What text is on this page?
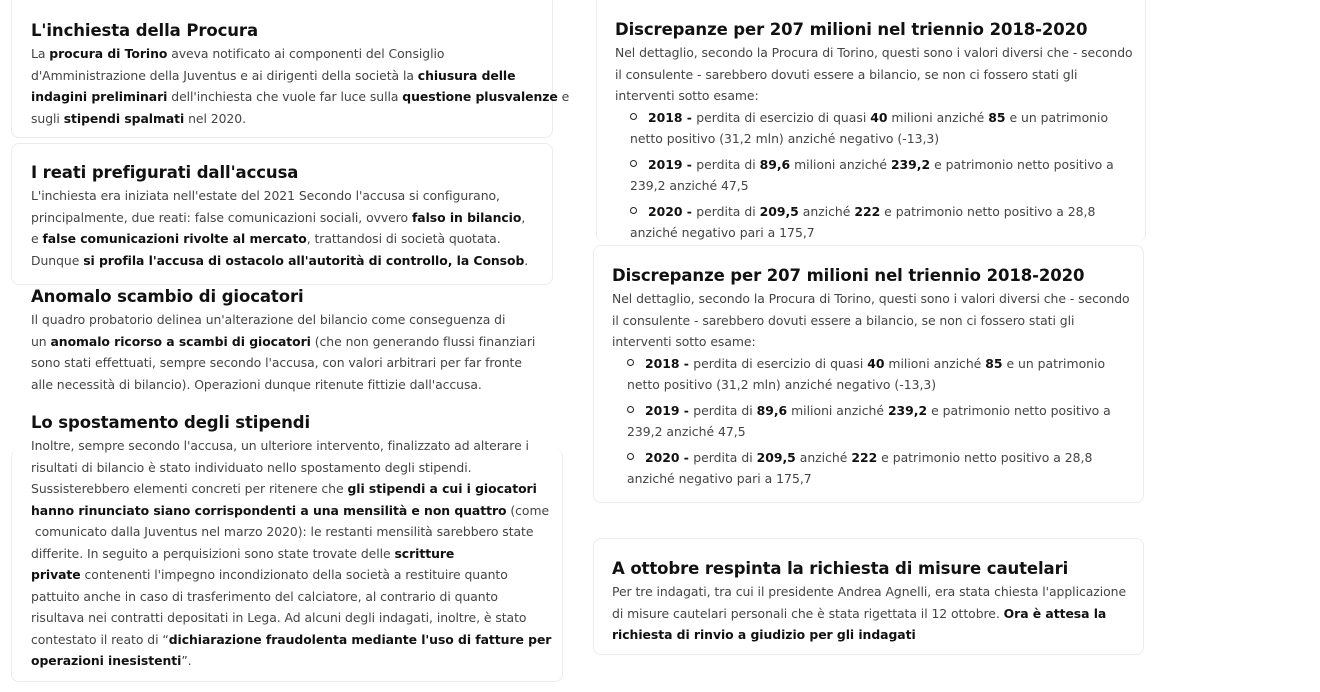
L'inchiesta della Procura
La procura di Torino aveva notificato ai componenti del Consiglio
d'Amministrazione della Juventus e ai dirigenti della società la chiusura delle
indagini preliminari dell'inchiesta che vuole far luce sulla questione plusvalenze e
sugli stipendi spalmati nel 2020.
I reati prefigurati dall'accusa
L'inchiesta era iniziata nell'estate del 2021 Secondo l'accusa si configurano,
principalmente, due reati: false comunicazioni sociali, ovvero falso in bilancio,
e false comunicazioni rivolte al mercato, trattandosi di società quotata.
Dunque si profila l'accusa di ostacolo all'autorità di controllo, la Consob.
Anomalo scambio di giocatori
Il quadro probatorio delinea un'alterazione del bilancio come conseguenza di
un anomalo ricorso a scambi di giocatori (che non generando flussi finanziari
sono stati effettuati, sempre secondo l'accusa, con valori arbitrari per far fronte
alle necessità di bilancio). Operazioni dunque ritenute fittizie dall'accusa.
Lo spostamento degli stipendi
Inoltre, sempre secondo l'accusa, un ulteriore intervento, finalizzato ad alterare i
risultati di bilancio è stato individuato nello spostamento degli stipendi.
Sussisterebbero elementi concreti per ritenere che gli stipendi a cui i giocatori
hanno rinunciato siano corrispondenti a una mensilità e non quattro (come
comunicato dalla Juventus nel marzo 2020): le restanti mensilità sarebbero state
differite. In seguito a perquisizioni sono state trovate delle scritture
private contenenti l'impegno incondizionato della società a restituire quanto
pattuito anche in caso di trasferimento del calciatore, al contrario di quanto
risultava nei contratti depositati in Lega. Ad alcuni degli indagati, inoltre, è stato
contestato il reato di “dichiarazione fraudolenta mediante l'uso di fatture per
operazioni inesistenti”.
Discrepanze per 207 milioni nel triennio 2018-2020
Nel dettaglio, secondo la Procura di Torino, questi sono i valori diversi che - secondo
il consulente - sarebbero dovuti essere a bilancio, se non ci fossero stati gli
interventi sotto esame:
2018 - perdita di esercizio di quasi 40 milioni anziché 85 e un patrimonio
netto positivo (31,2 mln) anziché negativo (-13,3)
2019 - perdita di 89,6 milioni anziché 239,2 e patrimonio netto positivo a
239,2 anziché 47,5
2020 - perdita di 209,5 anziché 222 e patrimonio netto positivo a 28,8
anziché negativo pari a 175,7
Discrepanze per 207 milioni nel triennio 2018-2020
Nel dettaglio, secondo la Procura di Torino, questi sono i valori diversi che - secondo
il consulente - sarebbero dovuti essere a bilancio, se non ci fossero stati gli
interventi sotto esame:
2018 - perdita di esercizio di quasi 40 milioni anziché 85 e un patrimonio
netto positivo (31,2 mln) anziché negativo (-13,3)
2019 - perdita di 89,6 milioni anziché 239,2 e patrimonio netto positivo a
239,2 anziché 47,5
2020 - perdita di 209,5 anziché 222 e patrimonio netto positivo a 28,8
anziché negativo pari a 175,7
A ottobre respinta la richiesta di misure cautelari
Per tre indagati, tra cui il presidente Andrea Agnelli, era stata chiesta l'applicazione
di misure cautelari personali che è stata rigettata il 12 ottobre. Ora è attesa la
richiesta di rinvio a giudizio per gli indagati
